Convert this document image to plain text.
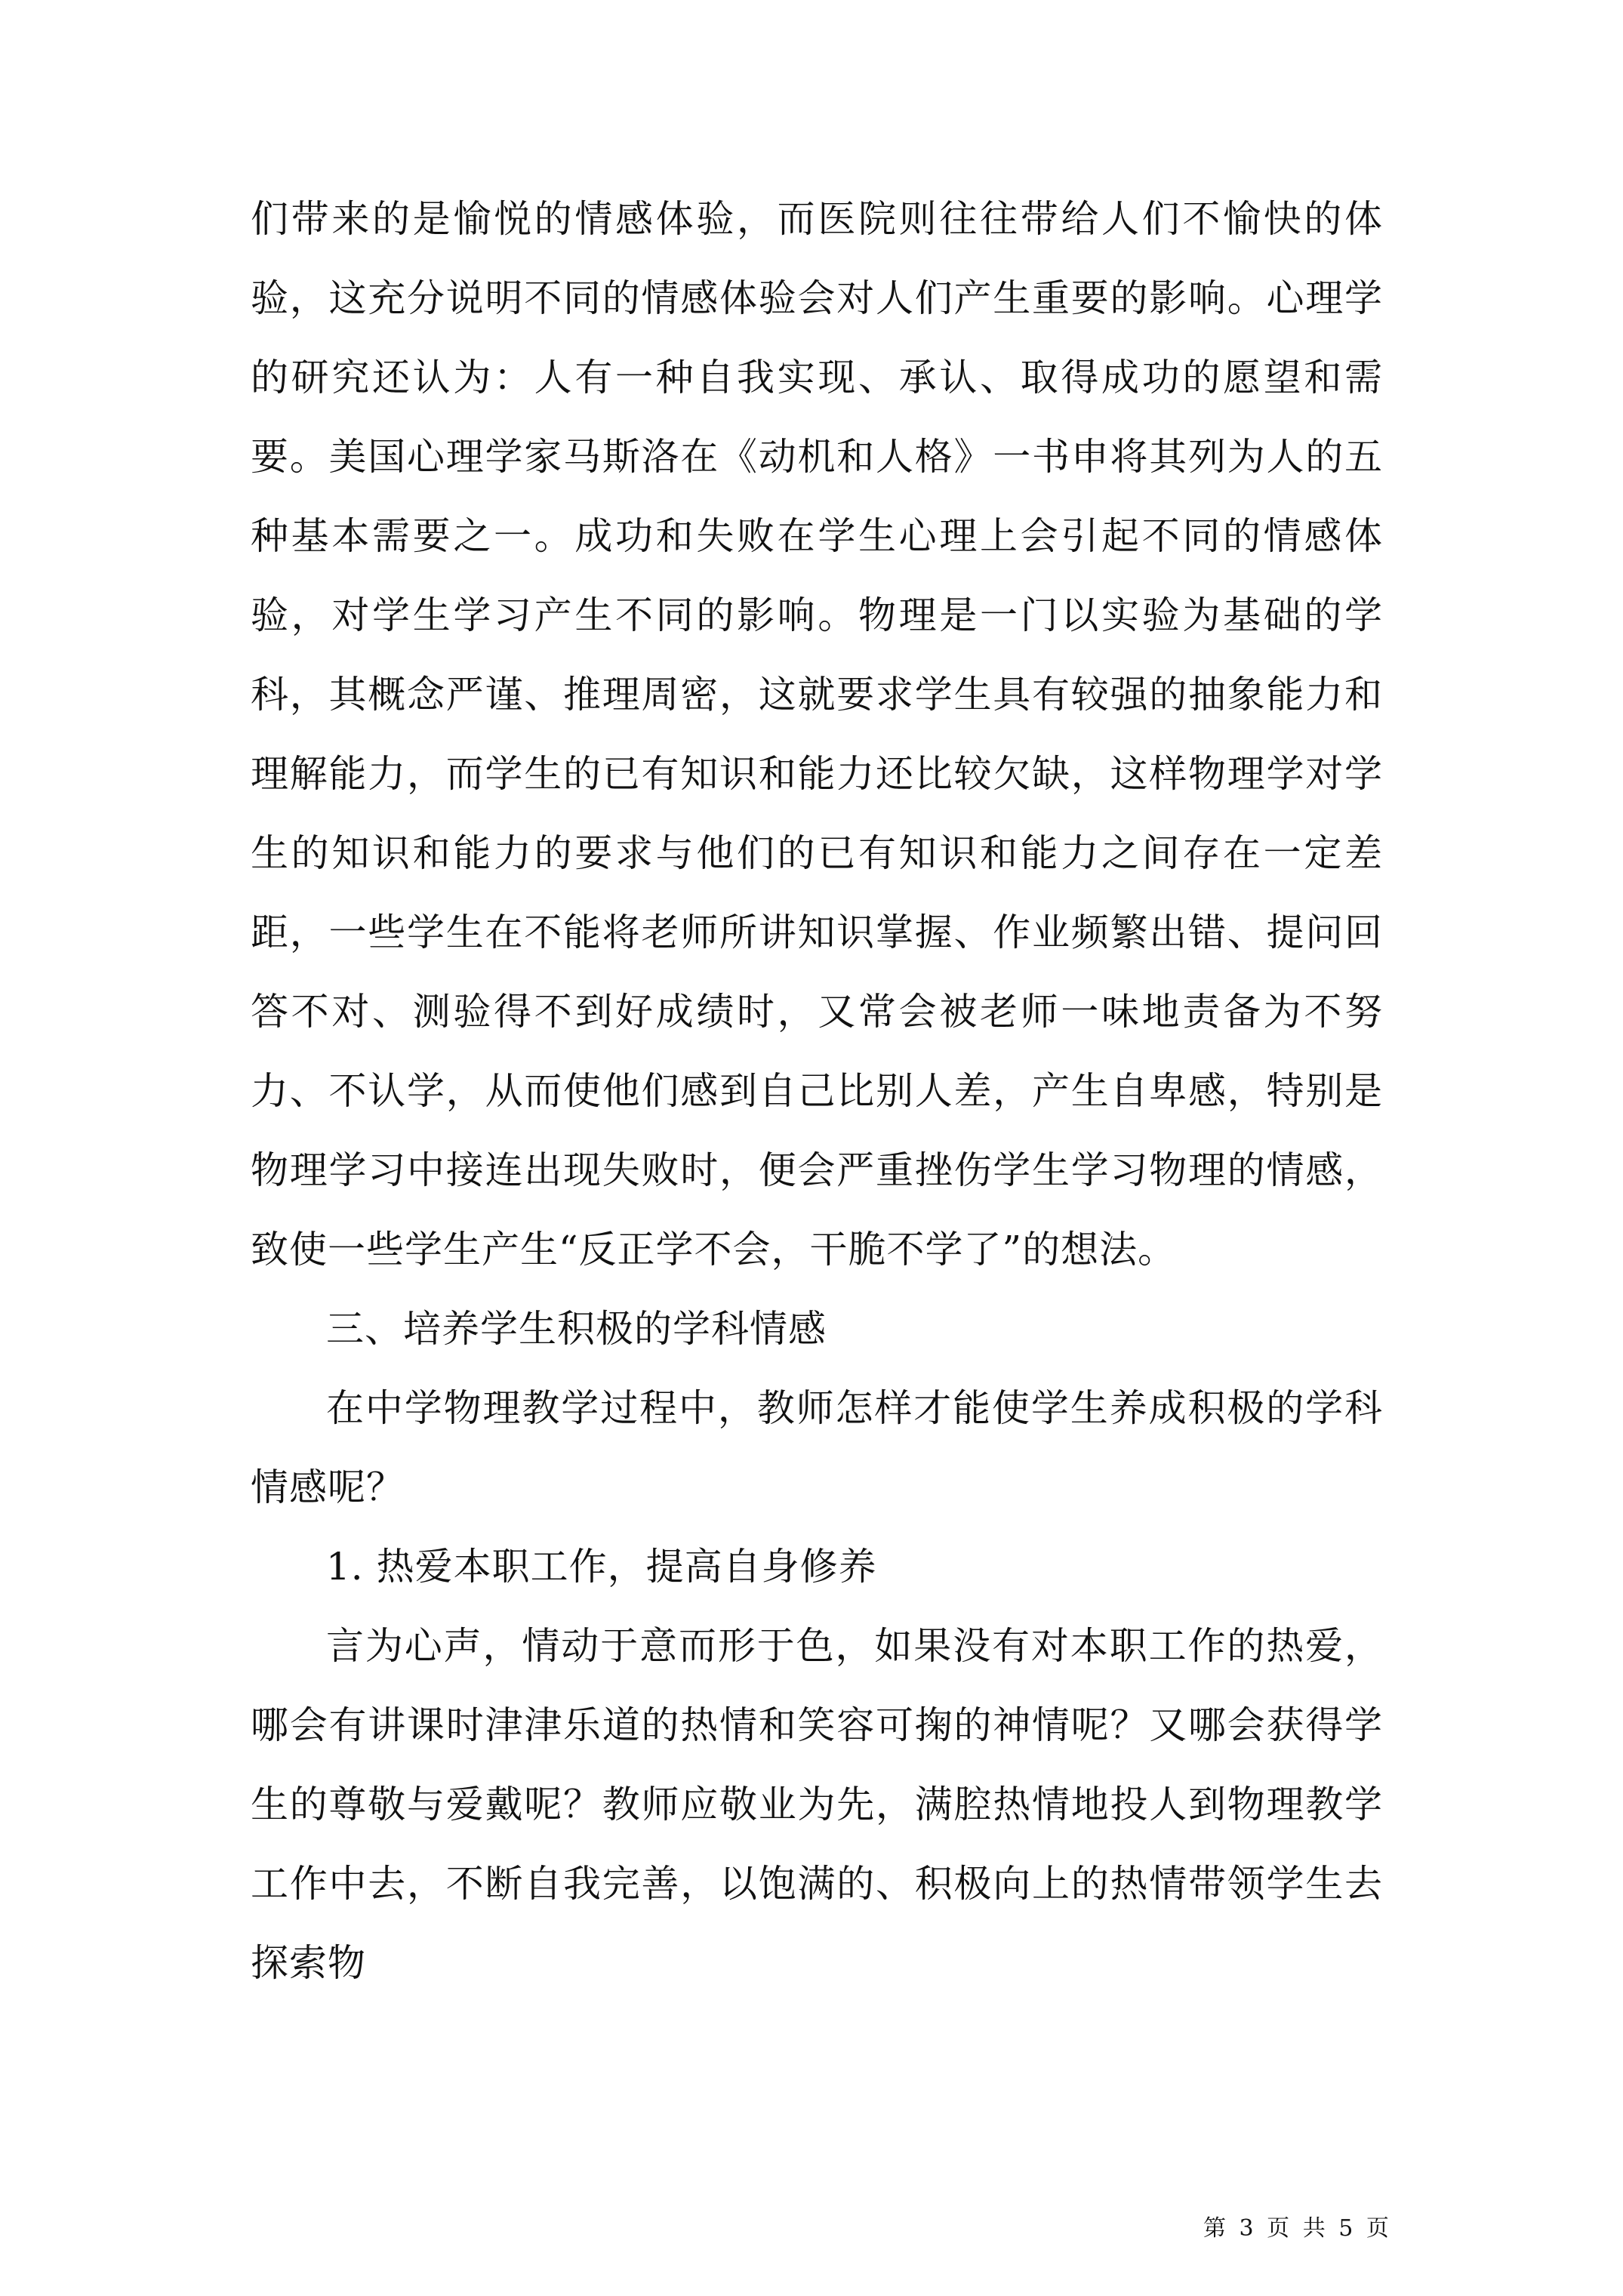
们带来的是愉悦的情感体验，而医院则往往带给人们不愉快的体验，这充分说明不同的情感体验会对人们产生重要的影响。心理学的研究还认为：人有一种自我实现、承认、取得成功的愿望和需要。美国心理学家马斯洛在《动机和人格》一书申将其列为人的五种基本需要之一。成功和失败在学生心理上会引起不同的情感体验，对学生学习产生不同的影响。物理是一门以实验为基础的学科，其概念严谨、推理周密，这就要求学生具有较强的抽象能力和理解能力，而学生的已有知识和能力还比较欠缺，这样物理学对学生的知识和能力的要求与他们的已有知识和能力之间存在一定差距，一些学生在不能将老师所讲知识掌握、作业频繁出错、提问回答不对、测验得不到好成绩时，又常会被老师一味地责备为不努力、不认学，从而使他们感到自己比别人差，产生自卑感，特别是物理学习中接连出现失败时，便会严重挫伤学生学习物理的情感，致使一些学生产生“反正学不会，干脆不学了”的想法。

三、培养学生积极的学科情感

在中学物理教学过程中，教师怎样才能使学生养成积极的学科情感呢？

1. 热爱本职工作，提高自身修养

言为心声，情动于意而形于色，如果没有对本职工作的热爱，哪会有讲课时津津乐道的热情和笑容可掬的神情呢？又哪会获得学生的尊敬与爱戴呢？教师应敬业为先，满腔热情地投人到物理教学工作中去，不断自我完善，以饱满的、积极向上的热情带领学生去探索物

第 3 页 共 5 页
